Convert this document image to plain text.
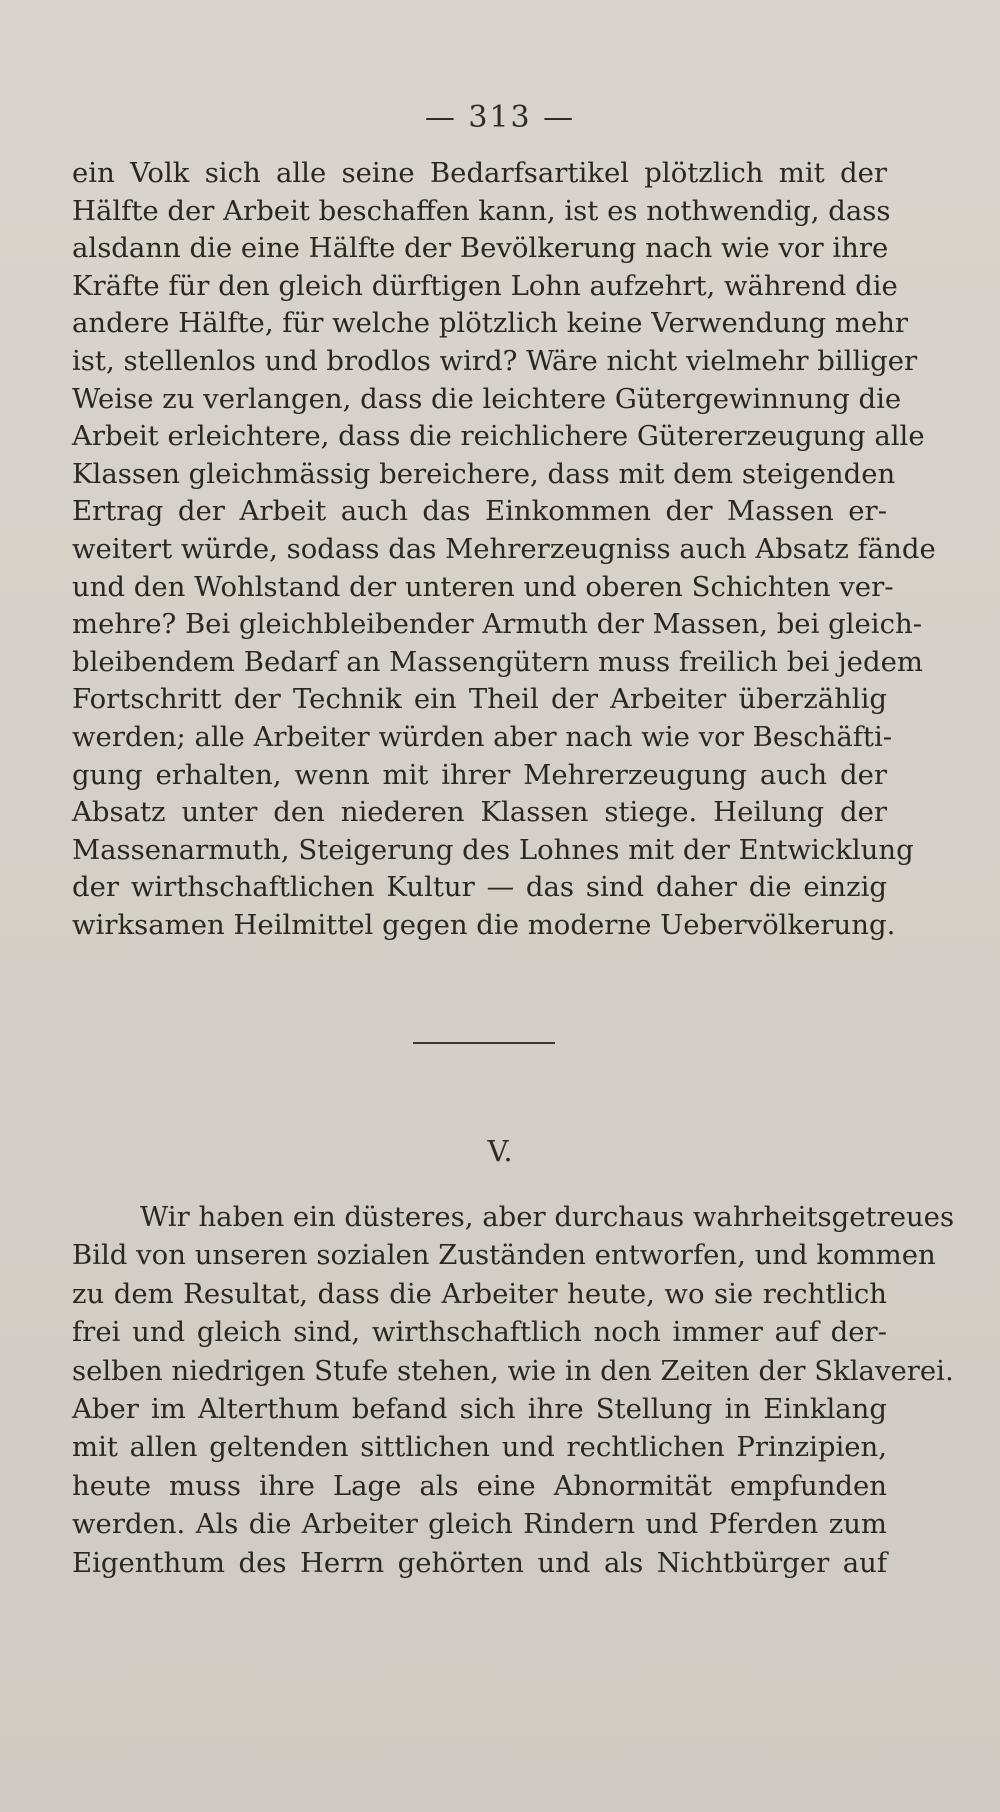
— 313 —
ein Volk sich alle seine Bedarfsartikel plötzlich mit der
Hälfte der Arbeit beschaffen kann, ist es nothwendig, dass
alsdann die eine Hälfte der Bevölkerung nach wie vor ihre
Kräfte für den gleich dürftigen Lohn aufzehrt, während die
andere Hälfte, für welche plötzlich keine Verwendung mehr
ist, stellenlos und brodlos wird? Wäre nicht vielmehr billiger
Weise zu verlangen, dass die leichtere Gütergewinnung die
Arbeit erleichtere, dass die reichlichere Gütererzeugung alle
Klassen gleichmässig bereichere, dass mit dem steigenden
Ertrag der Arbeit auch das Einkommen der Massen er-
weitert würde, sodass das Mehrerzeugniss auch Absatz fände
und den Wohlstand der unteren und oberen Schichten ver-
mehre? Bei gleichbleibender Armuth der Massen, bei gleich-
bleibendem Bedarf an Massengütern muss freilich bei jedem
Fortschritt der Technik ein Theil der Arbeiter überzählig
werden; alle Arbeiter würden aber nach wie vor Beschäfti-
gung erhalten, wenn mit ihrer Mehrerzeugung auch der
Absatz unter den niederen Klassen stiege. Heilung der
Massenarmuth, Steigerung des Lohnes mit der Entwicklung
der wirthschaftlichen Kultur — das sind daher die einzig
wirksamen Heilmittel gegen die moderne Uebervölkerung.
V.
Wir haben ein düsteres, aber durchaus wahrheitsgetreues
Bild von unseren sozialen Zuständen entworfen, und kommen
zu dem Resultat, dass die Arbeiter heute, wo sie rechtlich
frei und gleich sind, wirthschaftlich noch immer auf der-
selben niedrigen Stufe stehen, wie in den Zeiten der Sklaverei.
Aber im Alterthum befand sich ihre Stellung in Einklang
mit allen geltenden sittlichen und rechtlichen Prinzipien,
heute muss ihre Lage als eine Abnormität empfunden
werden. Als die Arbeiter gleich Rindern und Pferden zum
Eigenthum des Herrn gehörten und als Nichtbürger auf
